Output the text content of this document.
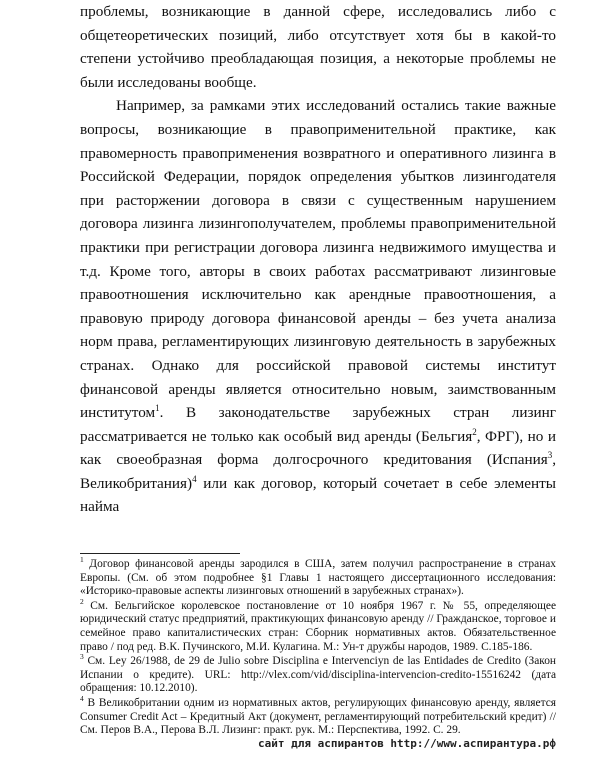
проблемы, возникающие в данной сфере, исследовались либо с общетеоретических позиций, либо отсутствует хотя бы в какой-то степени устойчиво преобладающая позиция, а некоторые проблемы не были исследованы вообще.

Например, за рамками этих исследований остались такие важные вопросы, возникающие в правоприменительной практике, как правомерность правоприменения возвратного и оперативного лизинга в Российской Федерации, порядок определения убытков лизингодателя при расторжении договора в связи с существенным нарушением договора лизинга лизингополучателем, проблемы правоприменительной практики при регистрации договора лизинга недвижимого имущества и т.д. Кроме того, авторы в своих работах рассматривают лизинговые правоотношения исключительно как арендные правоотношения, а правовую природу договора финансовой аренды – без учета анализа норм права, регламентирующих лизинговую деятельность в зарубежных странах. Однако для российской правовой системы институт финансовой аренды является относительно новым, заимствованным институтом$^1$. В законодательстве зарубежных стран лизинг рассматривается не только как особый вид аренды (Бельгия$^2$, ФРГ), но и как своеобразная форма долгосрочного кредитования (Испания$^3$, Великобритания)$^4$ или как договор, который сочетает в себе элементы найма

$^1$ Договор финансовой аренды зародился в США, затем получил распространение в странах Европы. (См. об этом подробнее §1 Главы 1 настоящего диссертационного исследования: «Историко-правовые аспекты лизинговых отношений в зарубежных странах»).

$^2$ См. Бельгийское королевское постановление от 10 ноября 1967 г. № 55, определяющее юридический статус предприятий, практикующих финансовую аренду // Гражданское, торговое и семейное право капиталистических стран: Сборник нормативных актов. Обязательственное право / под ред. В.К. Пучинского, М.И. Кулагина. М.: Ун-т дружбы народов, 1989. С.185-186.

$^3$ См. Ley 26/1988, de 29 de Julio sobre Disciplina e Intervenciyn de las Entidades de Credito (Закон Испании о кредите). URL: http://vlex.com/vid/disciplina-intervencion-credito-15516242 (дата обращения: 10.12.2010).

$^4$ В Великобритании одним из нормативных актов, регулирующих финансовую аренду, является Consumer Credit Act – Кредитный Акт (документ, регламентирующий потребительский кредит) // См. Перов В.А., Перова В.Л. Лизинг: практ. рук. М.: Перспектива, 1992. С. 29.

сайт для аспирантов http://www.аспирантура.рф
